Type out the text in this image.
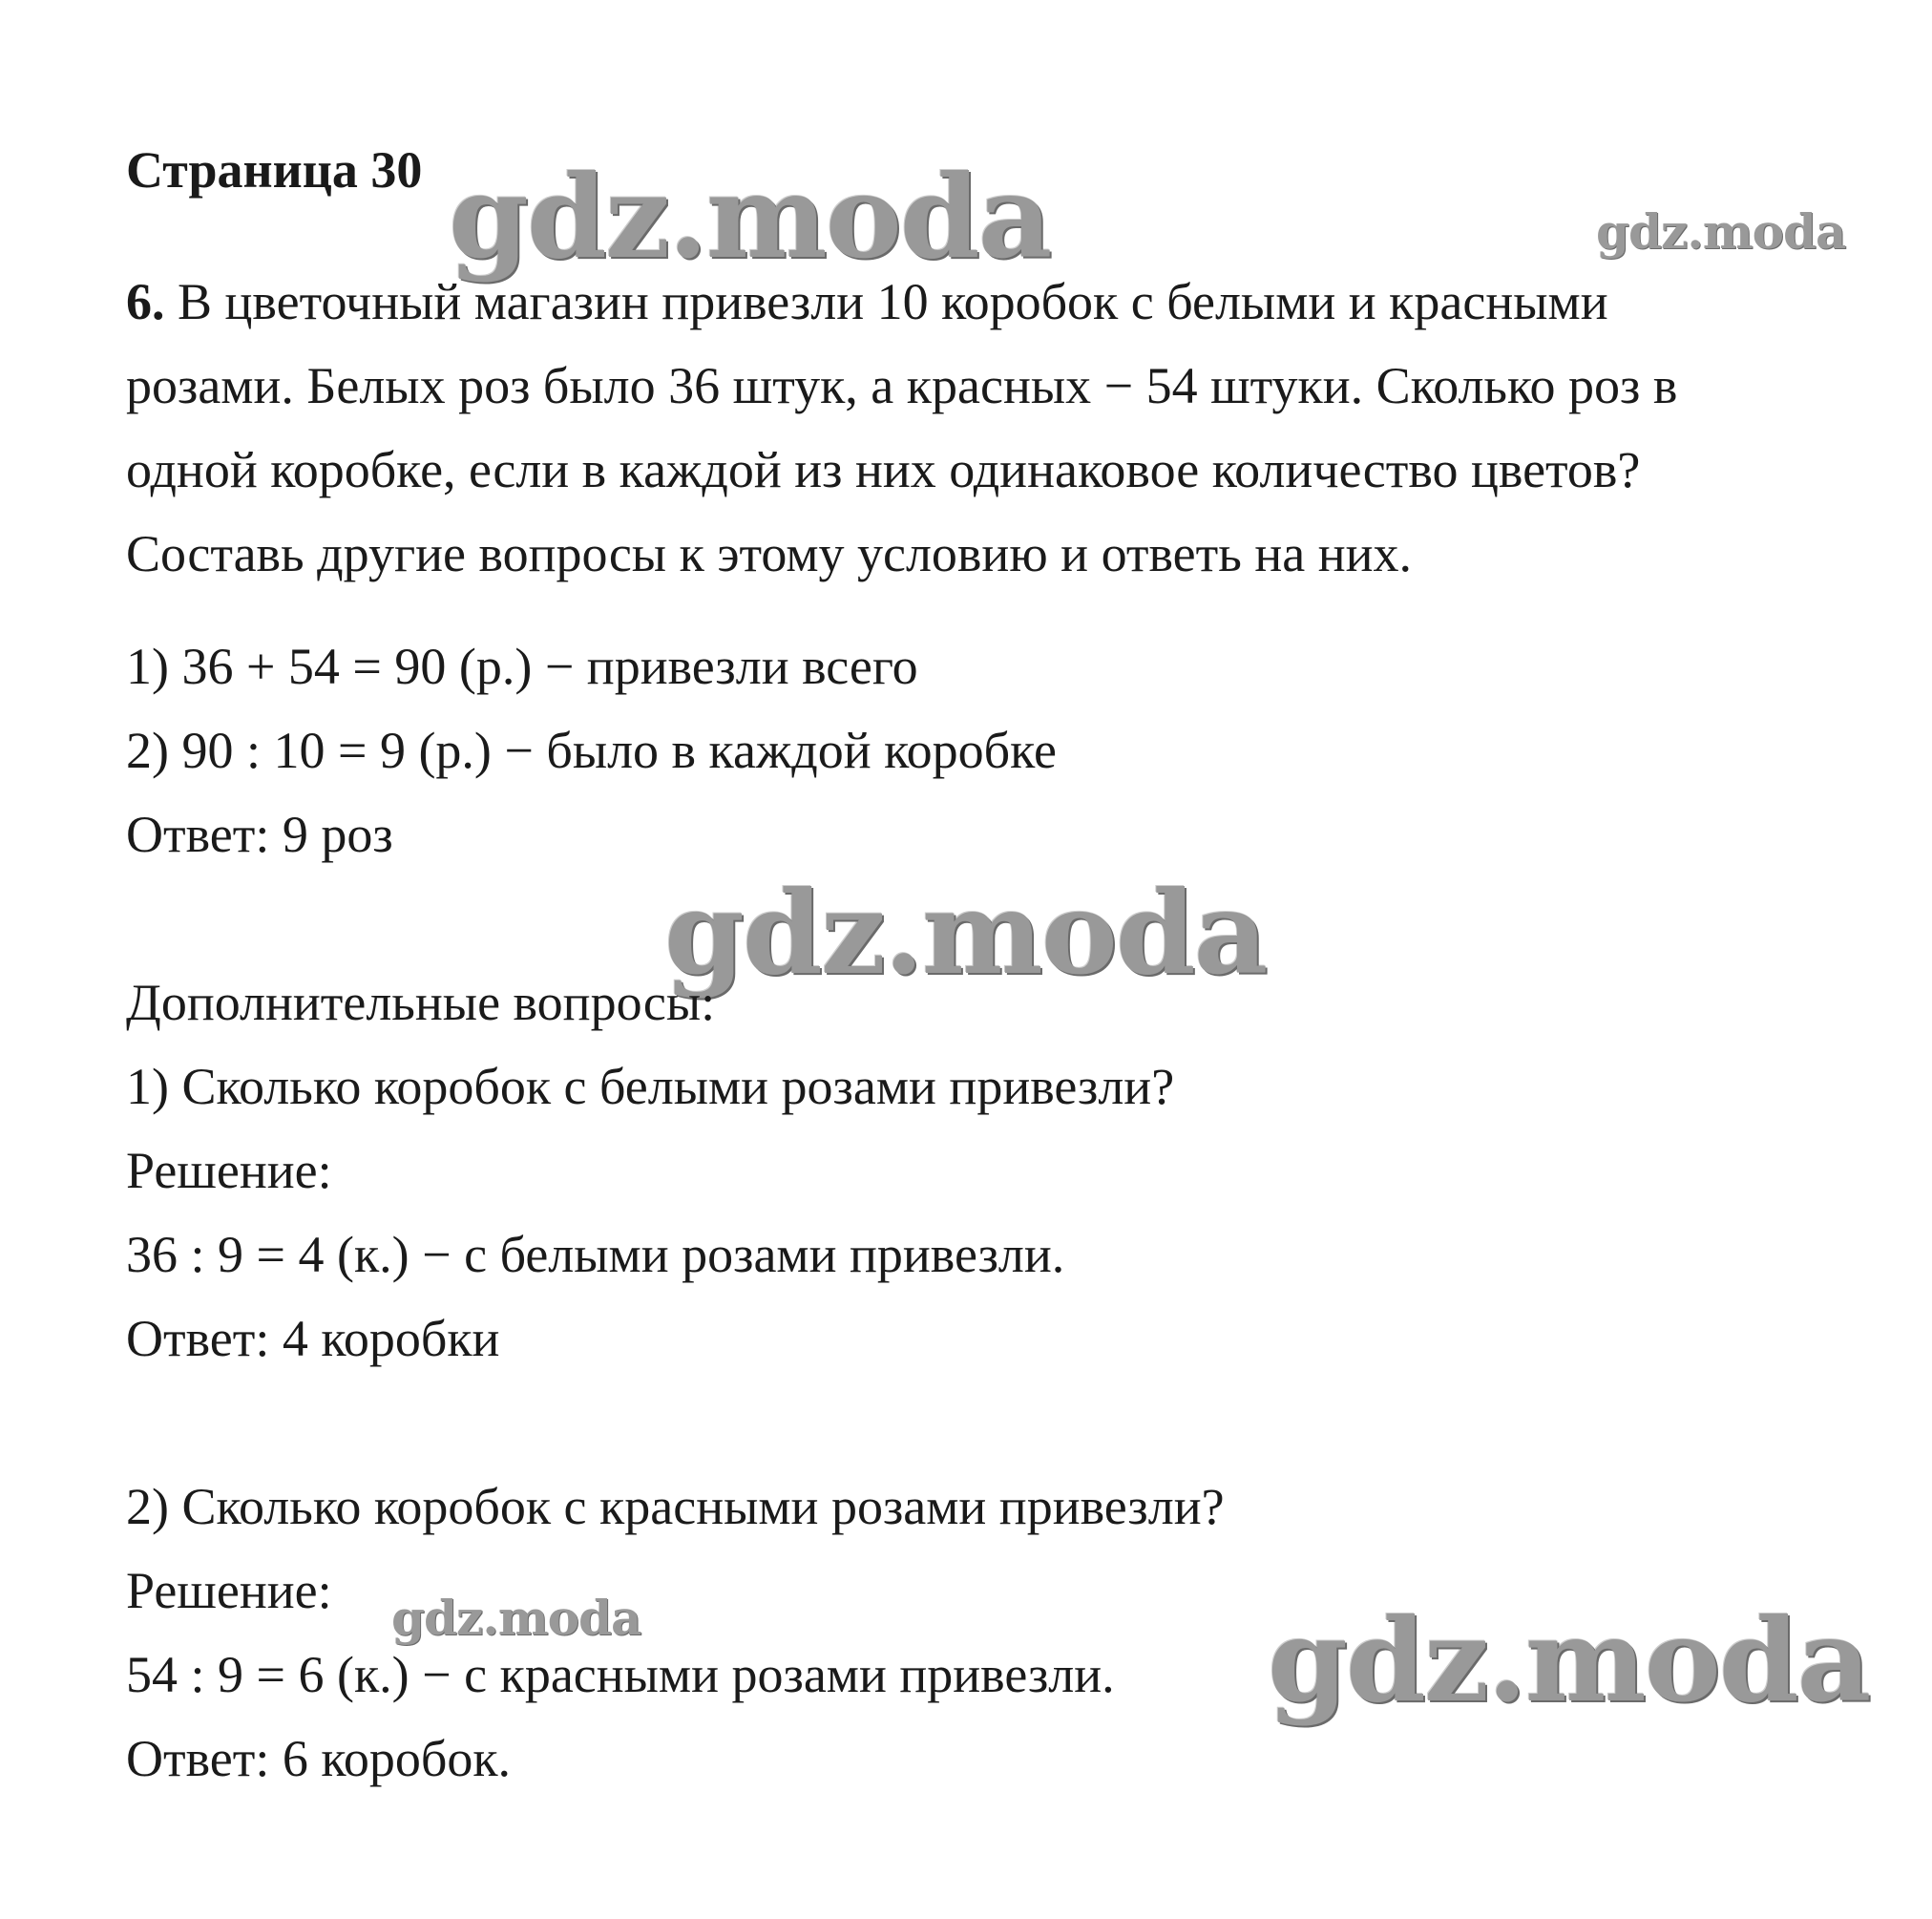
gdz.moda	gdz.moda
gdz.moda
gdz.moda	gdz.moda
Страница 30
6. В цветочный магазин привезли 10 коробок с белыми и красными
розами. Белых роз было 36 штук, а красных − 54 штуки. Сколько роз в
одной коробке, если в каждой из них одинаковое количество цветов?
Составь другие вопросы к этому условию и ответь на них.
1) 36 + 54 = 90 (р.) − привезли всего
2) 90 : 10 = 9 (р.) − было в каждой коробке
Ответ: 9 роз
Дополнительные вопросы:
1) Сколько коробок с белыми розами привезли?
Решение:
36 : 9 = 4 (к.) − с белыми розами привезли.
Ответ: 4 коробки
2) Сколько коробок с красными розами привезли?
Решение:
54 : 9 = 6 (к.) − с красными розами привезли.
Ответ: 6 коробок.
